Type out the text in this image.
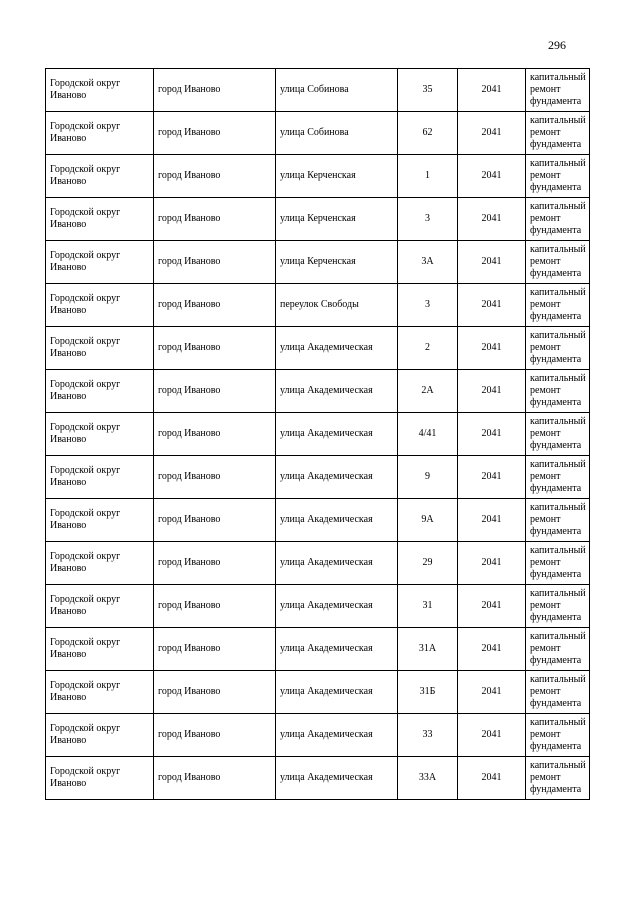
296
Городской округ Иваново	город Иваново	улица Собинова	35	2041	капитальный ремонт фундамента
Городской округ Иваново	город Иваново	улица Собинова	62	2041	капитальный ремонт фундамента
Городской округ Иваново	город Иваново	улица Керченская	1	2041	капитальный ремонт фундамента
Городской округ Иваново	город Иваново	улица Керченская	3	2041	капитальный ремонт фундамента
Городской округ Иваново	город Иваново	улица Керченская	3А	2041	капитальный ремонт фундамента
Городской округ Иваново	город Иваново	переулок Свободы	3	2041	капитальный ремонт фундамента
Городской округ Иваново	город Иваново	улица Академическая	2	2041	капитальный ремонт фундамента
Городской округ Иваново	город Иваново	улица Академическая	2А	2041	капитальный ремонт фундамента
Городской округ Иваново	город Иваново	улица Академическая	4/41	2041	капитальный ремонт фундамента
Городской округ Иваново	город Иваново	улица Академическая	9	2041	капитальный ремонт фундамента
Городской округ Иваново	город Иваново	улица Академическая	9А	2041	капитальный ремонт фундамента
Городской округ Иваново	город Иваново	улица Академическая	29	2041	капитальный ремонт фундамента
Городской округ Иваново	город Иваново	улица Академическая	31	2041	капитальный ремонт фундамента
Городской округ Иваново	город Иваново	улица Академическая	31А	2041	капитальный ремонт фундамента
Городской округ Иваново	город Иваново	улица Академическая	31Б	2041	капитальный ремонт фундамента
Городской округ Иваново	город Иваново	улица Академическая	33	2041	капитальный ремонт фундамента
Городской округ Иваново	город Иваново	улица Академическая	33А	2041	капитальный ремонт фундамента
